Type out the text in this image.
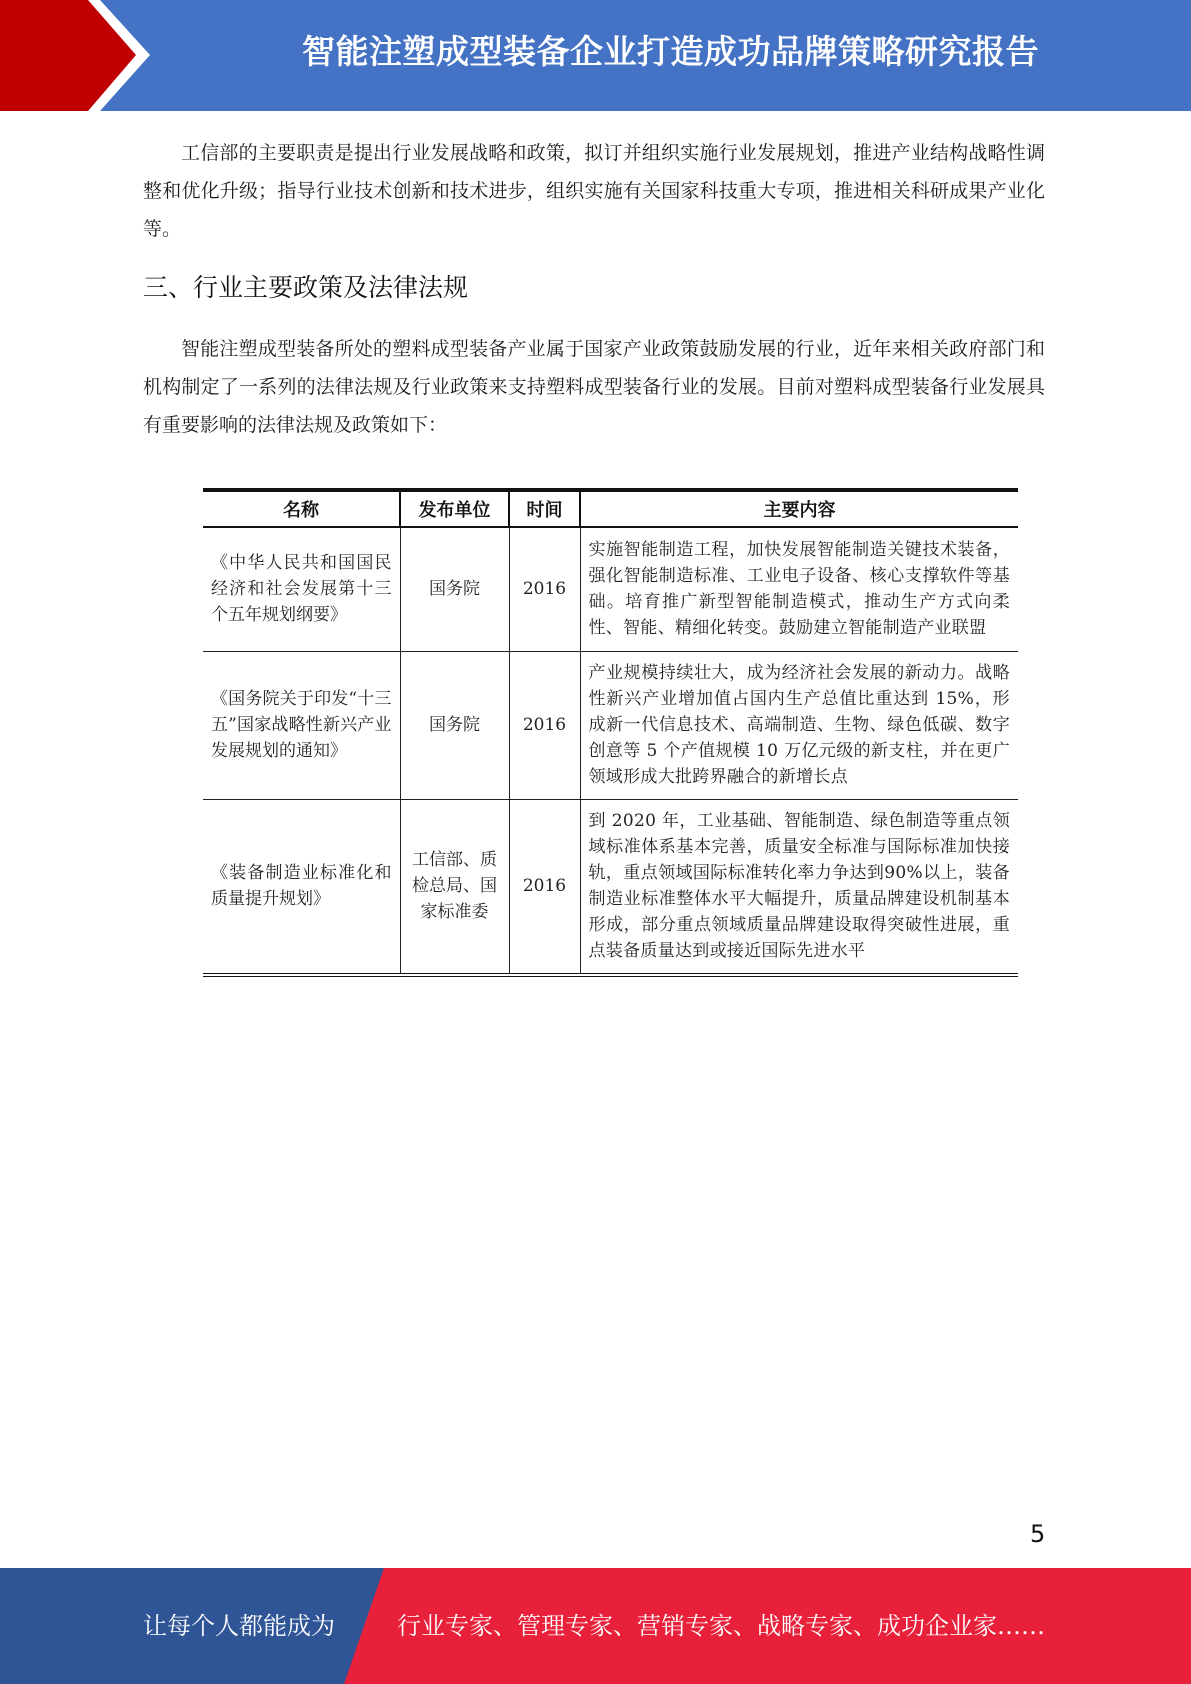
智能注塑成型装备企业打造成功品牌策略研究报告
工信部的主要职责是提出行业发展战略和政策，拟订并组织实施行业发展规划，推进产业结构战略性调整和优化升级；指导行业技术创新和技术进步，组织实施有关国家科技重大专项，推进相关科研成果产业化等。
三、行业主要政策及法律法规
智能注塑成型装备所处的塑料成型装备产业属于国家产业政策鼓励发展的行业，近年来相关政府部门和机构制定了一系列的法律法规及行业政策来支持塑料成型装备行业的发展。目前对塑料成型装备行业发展具有重要影响的法律法规及政策如下：
名称	发布单位	时间	主要内容
《中华人民共和国国民经济和社会发展第十三个五年规划纲要》	国务院	2016	实施智能制造工程，加快发展智能制造关键技术装备，强化智能制造标准、工业电子设备、核心支撑软件等基础。培育推广新型智能制造模式，推动生产方式向柔性、智能、精细化转变。鼓励建立智能制造产业联盟
《国务院关于印发“十三五”国家战略性新兴产业发展规划的通知》	国务院	2016	产业规模持续壮大，成为经济社会发展的新动力。战略性新兴产业增加值占国内生产总值比重达到 15%，形成新一代信息技术、高端制造、生物、绿色低碳、数字创意等 5 个产值规模 10 万亿元级的新支柱，并在更广领域形成大批跨界融合的新增长点
《装备制造业标准化和质量提升规划》	工信部、质检总局、国家标准委	2016	到 2020 年，工业基础、智能制造、绿色制造等重点领域标准体系基本完善，质量安全标准与国际标准加快接轨，重点领域国际标准转化率力争达到90%以上，装备制造业标准整体水平大幅提升，质量品牌建设机制基本形成，部分重点领域质量品牌建设取得突破性进展，重点装备质量达到或接近国际先进水平
5
让每个人都能成为	行业专家、管理专家、营销专家、战略专家、成功企业家……
